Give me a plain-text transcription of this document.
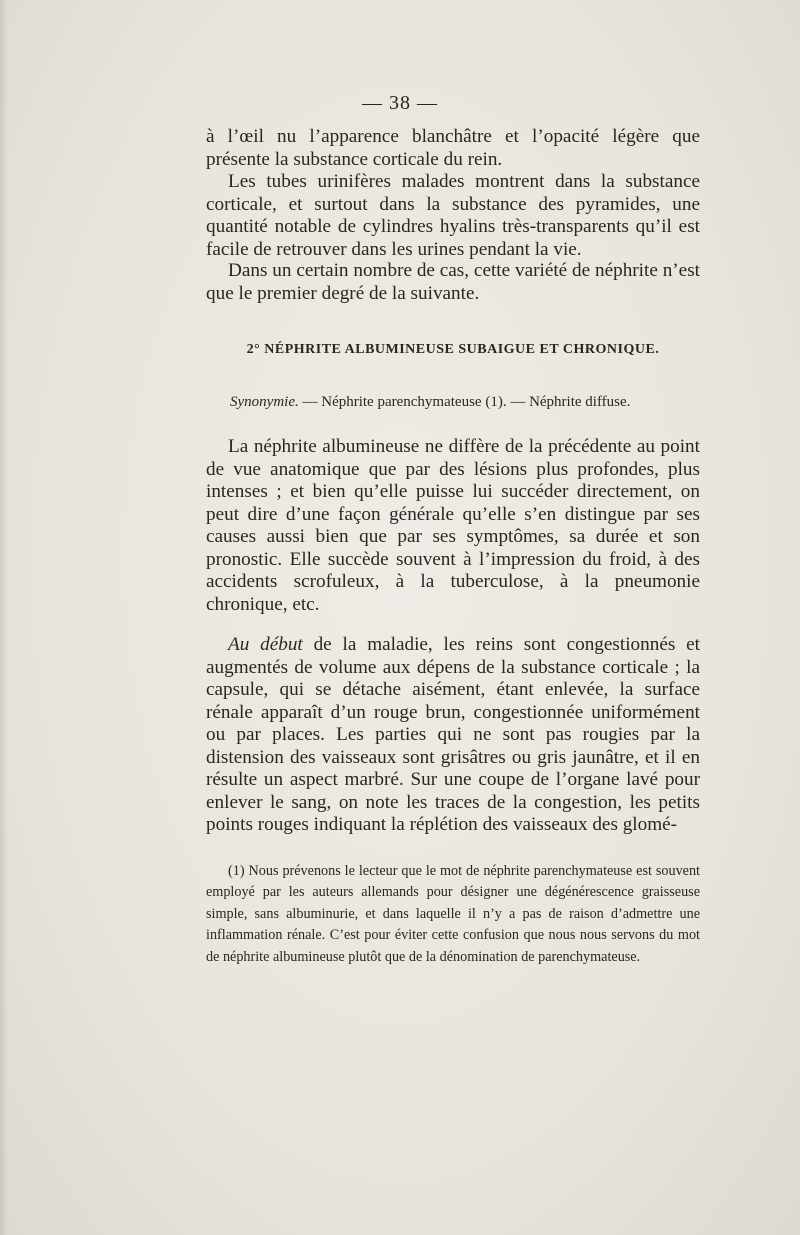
— 38 —

à l’œil nu l’apparence blanchâtre et l’opacité légère que présente la substance corticale du rein.

Les tubes urinifères malades montrent dans la substance corticale, et surtout dans la substance des pyramides, une quantité notable de cylindres hyalins très-transparents qu’il est facile de retrouver dans les urines pendant la vie.

Dans un certain nombre de cas, cette variété de néphrite n’est que le premier degré de la suivante.

2° NÉPHRITE ALBUMINEUSE SUBAIGUE ET CHRONIQUE.

Synonymie. — Néphrite parenchymateuse (1). — Néphrite diffuse.

La néphrite albumineuse ne diffère de la précédente au point de vue anatomique que par des lésions plus profondes, plus intenses ; et bien qu’elle puisse lui succéder directement, on peut dire d’une façon générale qu’elle s’en distingue par ses causes aussi bien que par ses symptômes, sa durée et son pronostic. Elle succède souvent à l’impression du froid, à des accidents scrofuleux, à la tuberculose, à la pneumonie chronique, etc.

Au début de la maladie, les reins sont congestionnés et augmentés de volume aux dépens de la substance corticale ; la capsule, qui se détache aisément, étant enlevée, la surface rénale apparaît d’un rouge brun, congestionnée uniformément ou par places. Les parties qui ne sont pas rougies par la distension des vaisseaux sont grisâtres ou gris jaunâtre, et il en résulte un aspect marbré. Sur une coupe de l’organe lavé pour enlever le sang, on note les traces de la congestion, les petits points rouges indiquant la réplétion des vaisseaux des glomé-

(1) Nous prévenons le lecteur que le mot de néphrite parenchymateuse est souvent employé par les auteurs allemands pour désigner une dégénérescence graisseuse simple, sans albuminurie, et dans laquelle il n’y a pas de raison d’admettre une inflammation rénale. C’est pour éviter cette confusion que nous nous servons du mot de néphrite albumineuse plutôt que de la dénomination de parenchymateuse.
